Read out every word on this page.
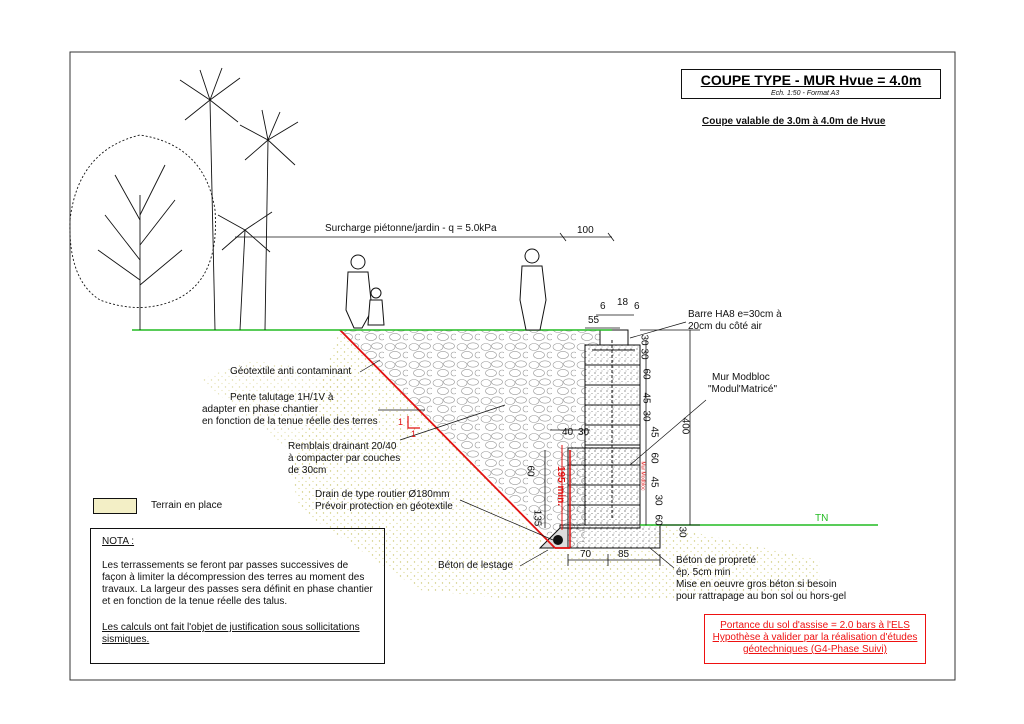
COUPE TYPE - MUR Hvue = 4.0m
Ech. 1:50 - Format A3
Coupe valable de 3.0m à 4.0m de Hvue
Surcharge piétonne/jardin - q = 5.0kPa
Géotextile anti contaminant
Pente talutage 1H/1V à
adapter en phase chantier
en fonction de la tenue réelle des terres
Remblais drainant 20/40
à compacter par couches
de 30cm
Drain de type routier Ø180mm
Prévoir protection en géotextile
Béton de lestage
Barre HA8 e=30cm à
20cm du côté air
Mur Modbloc
"Modul'Matricé"
Béton de propreté
ép. 5cm min
Mise en oeuvre gros béton si besoin
pour rattrapage au bon sol ou hors-gel
TN
1
1
195 min.	Mur Modbloc
100
6 18 6
55
30
30
60
45
30
45
60
45
30
60
30
400
40 30
60
135
70	85
Terrain en place
NOTA :
Les terrassements se feront par passes successives de façon à limiter la décompression des terres au moment des travaux. La largeur des passes sera définit en phase chantier et en fonction de la tenue réelle des talus.
Les calculs ont fait l'objet de justification sous sollicitations sismiques.
Portance du sol d'assise = 2.0 bars à l'ELS
Hypothèse à valider par la réalisation d'études
géotechniques (G4-Phase Suivi)
